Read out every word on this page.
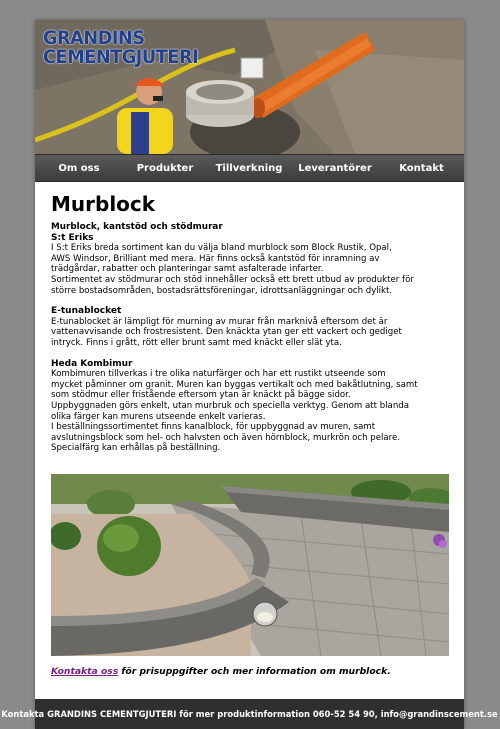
GRANDINS
CEMENTGJUTERI
Om oss	Produkter	Tillverkning	Leverantörer	Kontakt
Murblock
Murblock, kantstöd och stödmurar
S:t Eriks

I S:t Eriks breda sortiment kan du välja bland murblock som Block Rustik, Opal,

AWS Windsor, Brilliant med mera. Här finns också kantstöd för inramning av

trädgårdar, rabatter och planteringar samt asfalterade infarter.

Sortimentet av stödmurar och stöd innehåller också ett brett utbud av produkter för

större bostadsområden, bostadsrättsföreningar, idrottsanläggningar och dylikt.

E-tunablocket

E-tunablocket är lämpligt för murning av murar från marknivå eftersom det är

vattenavvisande och frostresistent. Den knäckta ytan ger ett vackert och gediget

intryck. Finns i grått, rött eller brunt samt med knäckt eller slät yta.

Heda Kombimur

Kombimuren tillverkas i tre olika naturfärger och har ett rustikt utseende som

mycket påminner om granit. Muren kan byggas vertikalt och med bakåtlutning, samt

som stödmur eller fristående eftersom ytan är knäckt på bägge sidor.

Uppbyggnaden görs enkelt, utan murbruk och speciella verktyg. Genom att blanda

olika färger kan murens utseende enkelt varieras.

I beställningssortimentet finns kanalblock, för uppbyggnad av muren, samt

avslutningsblock som hel- och halvsten och även hörnblock, murkrön och pelare.

Specialfärg kan erhållas på beställning.

Kontakta oss för prisuppgifter och mer information om murblock.
Kontakta GRANDINS CEMENTGJUTERI för mer produktinformation 060-52 54 90, info@grandinscement.se
